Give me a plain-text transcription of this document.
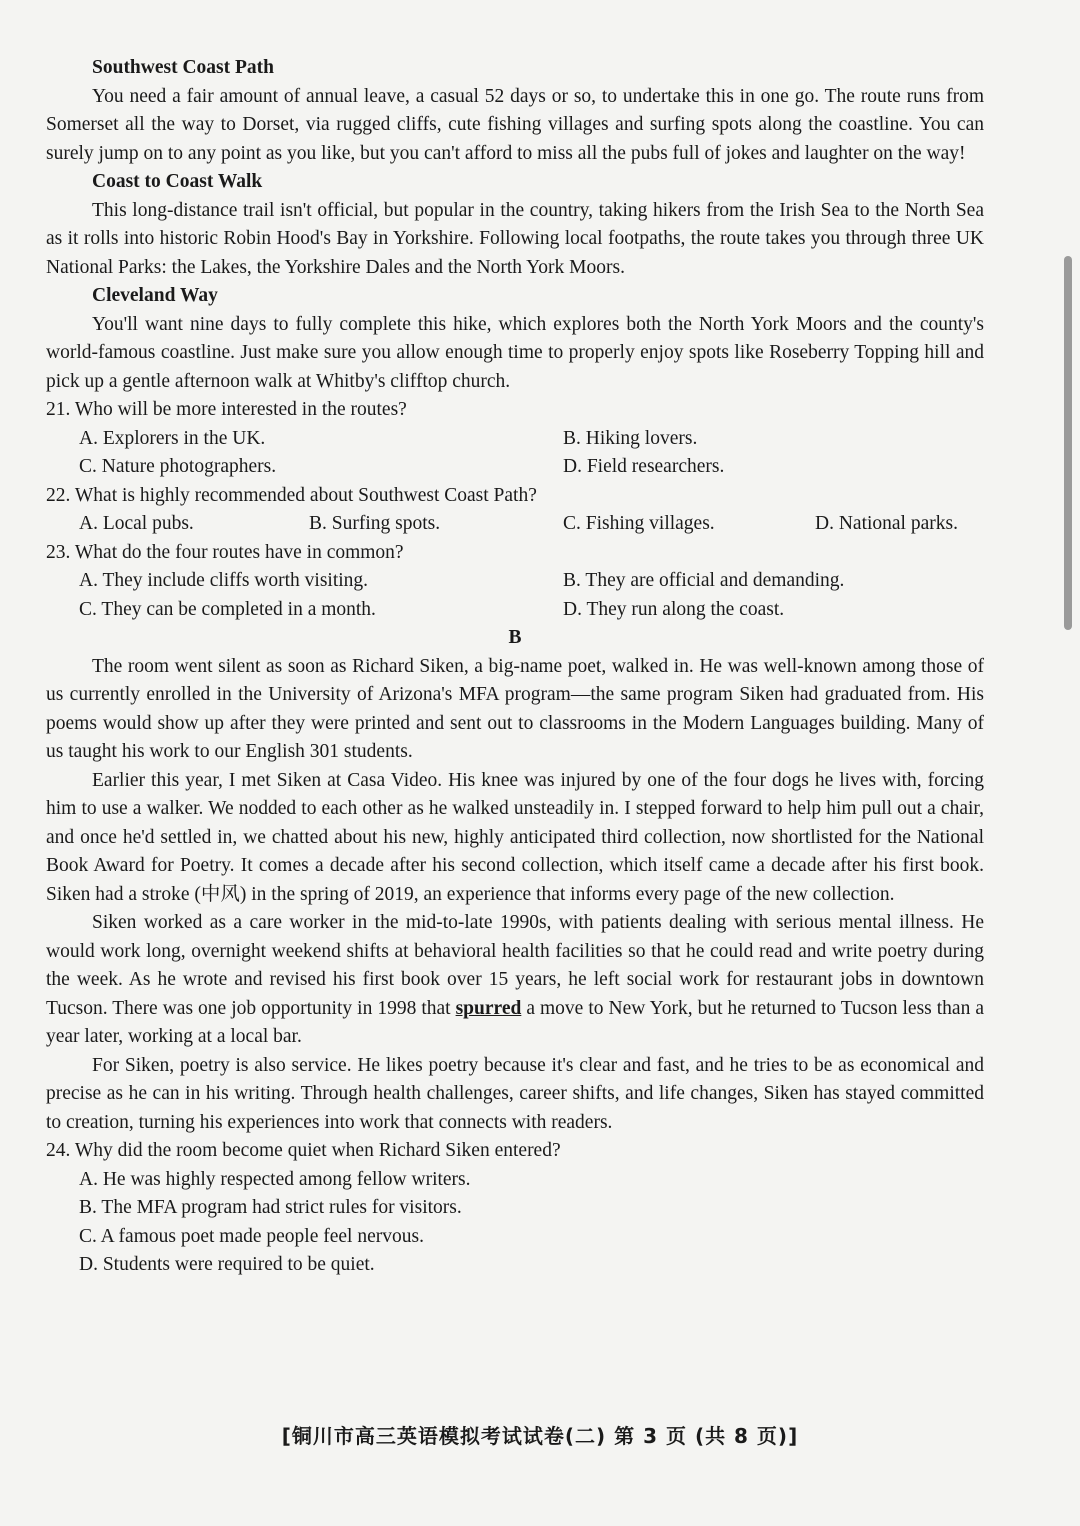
Southwest Coast Path

You need a fair amount of annual leave, a casual 52 days or so, to undertake this in one go. The route runs from Somerset all the way to Dorset, via rugged cliffs, cute fishing villages and surfing spots along the coastline. You can surely jump on to any point as you like, but you can't afford to miss all the pubs full of jokes and laughter on the way!

Coast to Coast Walk

This long-distance trail isn't official, but popular in the country, taking hikers from the Irish Sea to the North Sea as it rolls into historic Robin Hood's Bay in Yorkshire. Following local footpaths, the route takes you through three UK National Parks: the Lakes, the Yorkshire Dales and the North York Moors.

Cleveland Way

You'll want nine days to fully complete this hike, which explores both the North York Moors and the county's world-famous coastline. Just make sure you allow enough time to properly enjoy spots like Roseberry Topping hill and pick up a gentle afternoon walk at Whitby's clifftop church.

21. Who will be more interested in the routes?
A. Explorers in the UK.	B. Hiking lovers.
C. Nature photographers.	D. Field researchers.
22. What is highly recommended about Southwest Coast Path?
A. Local pubs.	B. Surfing spots.	C. Fishing villages.	D. National parks.
23. What do the four routes have in common?
A. They include cliffs worth visiting.	B. They are official and demanding.
C. They can be completed in a month.	D. They run along the coast.
B

The room went silent as soon as Richard Siken, a big-name poet, walked in. He was well-known among those of us currently enrolled in the University of Arizona's MFA program—the same program Siken had graduated from. His poems would show up after they were printed and sent out to classrooms in the Modern Languages building. Many of us taught his work to our English 301 students.

Earlier this year, I met Siken at Casa Video. His knee was injured by one of the four dogs he lives with, forcing him to use a walker. We nodded to each other as he walked unsteadily in. I stepped forward to help him pull out a chair, and once he'd settled in, we chatted about his new, highly anticipated third collection, now shortlisted for the National Book Award for Poetry. It comes a decade after his second collection, which itself came a decade after his first book. Siken had a stroke (中风) in the spring of 2019, an experience that informs every page of the new collection.

Siken worked as a care worker in the mid-to-late 1990s, with patients dealing with serious mental illness. He would work long, overnight weekend shifts at behavioral health facilities so that he could read and write poetry during the week. As he wrote and revised his first book over 15 years, he left social work for restaurant jobs in downtown Tucson. There was one job opportunity in 1998 that spurred a move to New York, but he returned to Tucson less than a year later, working at a local bar.

For Siken, poetry is also service. He likes poetry because it's clear and fast, and he tries to be as economical and precise as he can in his writing. Through health challenges, career shifts, and life changes, Siken has stayed committed to creation, turning his experiences into work that connects with readers.

24. Why did the room become quiet when Richard Siken entered?
A. He was highly respected among fellow writers.
B. The MFA program had strict rules for visitors.
C. A famous poet made people feel nervous.
D. Students were required to be quiet.
[铜川市高三英语模拟考试试卷(二) 第 3 页 (共 8 页)]
